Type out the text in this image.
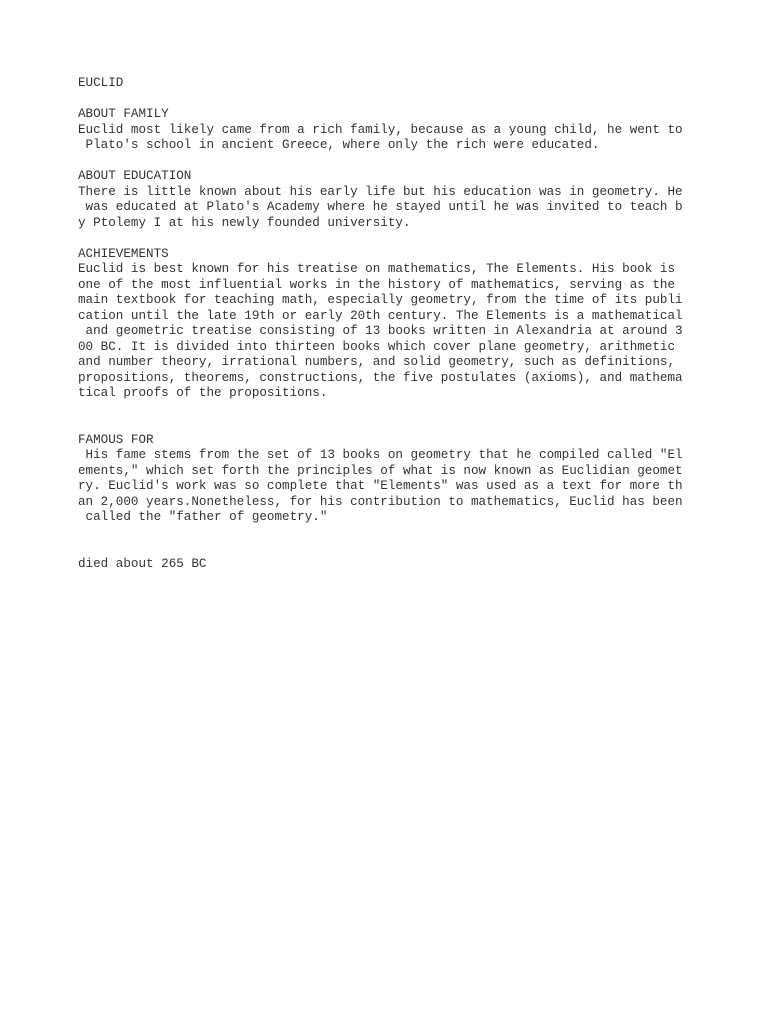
EUCLID
ABOUT FAMILY
Euclid most likely came from a rich family, because as a young child, he went to
Plato's school in ancient Greece, where only the rich were educated.
ABOUT EDUCATION
There is little known about his early life but his education was in geometry. He
was educated at Plato's Academy where he stayed until he was invited to teach b
y Ptolemy I at his newly founded university.
ACHIEVEMENTS
Euclid is best known for his treatise on mathematics, The Elements. His book is
one of the most influential works in the history of mathematics, serving as the
main textbook for teaching math, especially geometry, from the time of its publi
cation until the late 19th or early 20th century. The Elements is a mathematical
and geometric treatise consisting of 13 books written in Alexandria at around 3
00 BC. It is divided into thirteen books which cover plane geometry, arithmetic
and number theory, irrational numbers, and solid geometry, such as definitions,
propositions, theorems, constructions, the five postulates (axioms), and mathema
tical proofs of the propositions.
FAMOUS FOR
His fame stems from the set of 13 books on geometry that he compiled called "El
ements," which set forth the principles of what is now known as Euclidian geomet
ry. Euclid's work was so complete that "Elements" was used as a text for more th
an 2,000 years.Nonetheless, for his contribution to mathematics, Euclid has been
called the "father of geometry."
died about 265 BC
